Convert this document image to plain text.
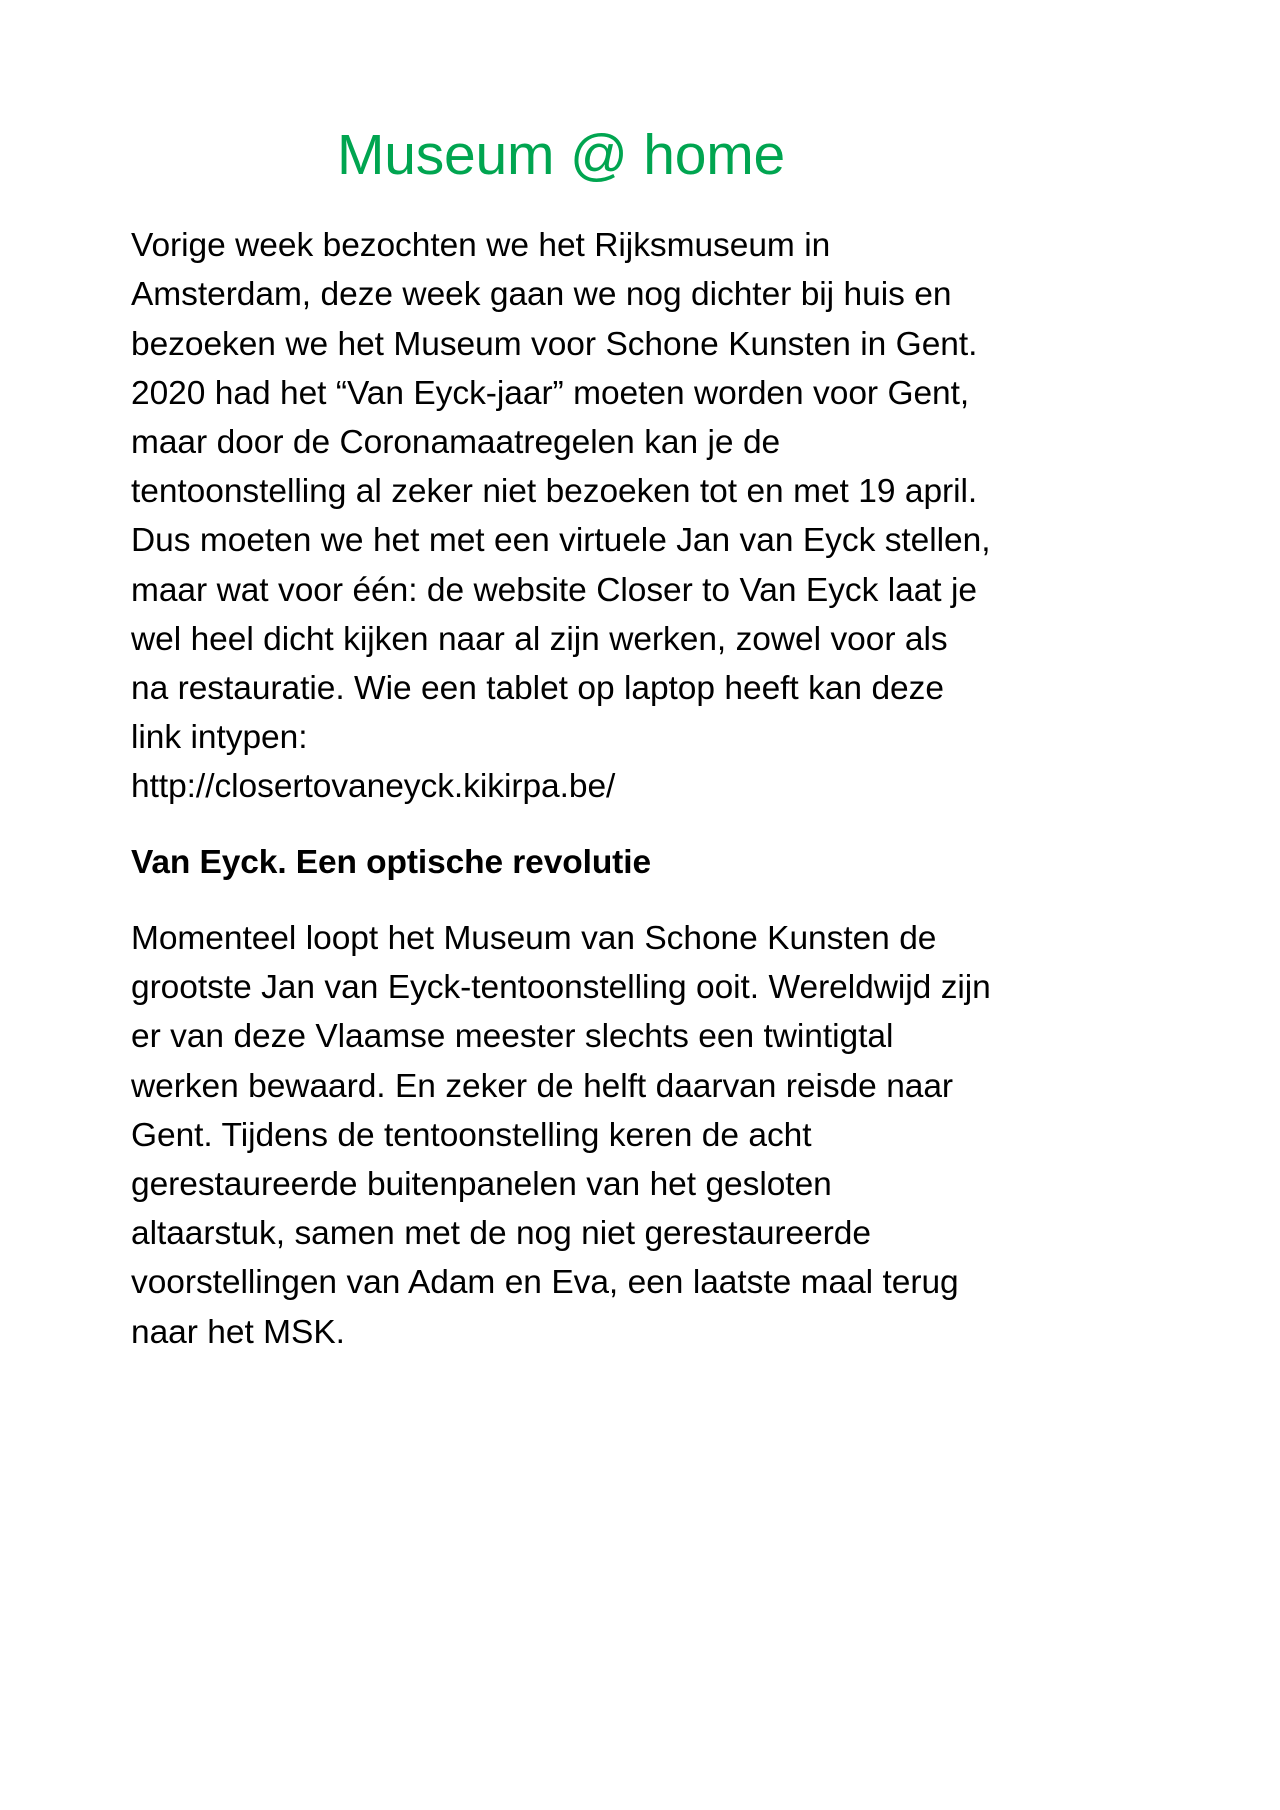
Museum @ home

Vorige week bezochten we het Rijksmuseum in Amsterdam, deze week gaan we nog dichter bij huis en bezoeken we het Museum voor Schone Kunsten in Gent. 2020 had het “Van Eyck-jaar” moeten worden voor Gent, maar door de Coronamaatregelen kan je de tentoonstelling al zeker niet bezoeken tot en met 19 april. Dus moeten we het met een virtuele Jan van Eyck stellen, maar wat voor één: de website Closer to Van Eyck laat je wel heel dicht kijken naar al zijn werken, zowel voor als na restauratie. Wie een tablet op laptop heeft kan deze link intypen:

http://closertovaneyck.kikirpa.be/

Van Eyck. Een optische revolutie

Momenteel loopt het Museum van Schone Kunsten de grootste Jan van Eyck-tentoonstelling ooit. Wereldwijd zijn er van deze Vlaamse meester slechts een twintigtal werken bewaard. En zeker de helft daarvan reisde naar Gent. Tijdens de tentoonstelling keren de acht gerestaureerde buitenpanelen van het gesloten altaarstuk, samen met de nog niet gerestaureerde voorstellingen van Adam en Eva, een laatste maal terug naar het MSK.
